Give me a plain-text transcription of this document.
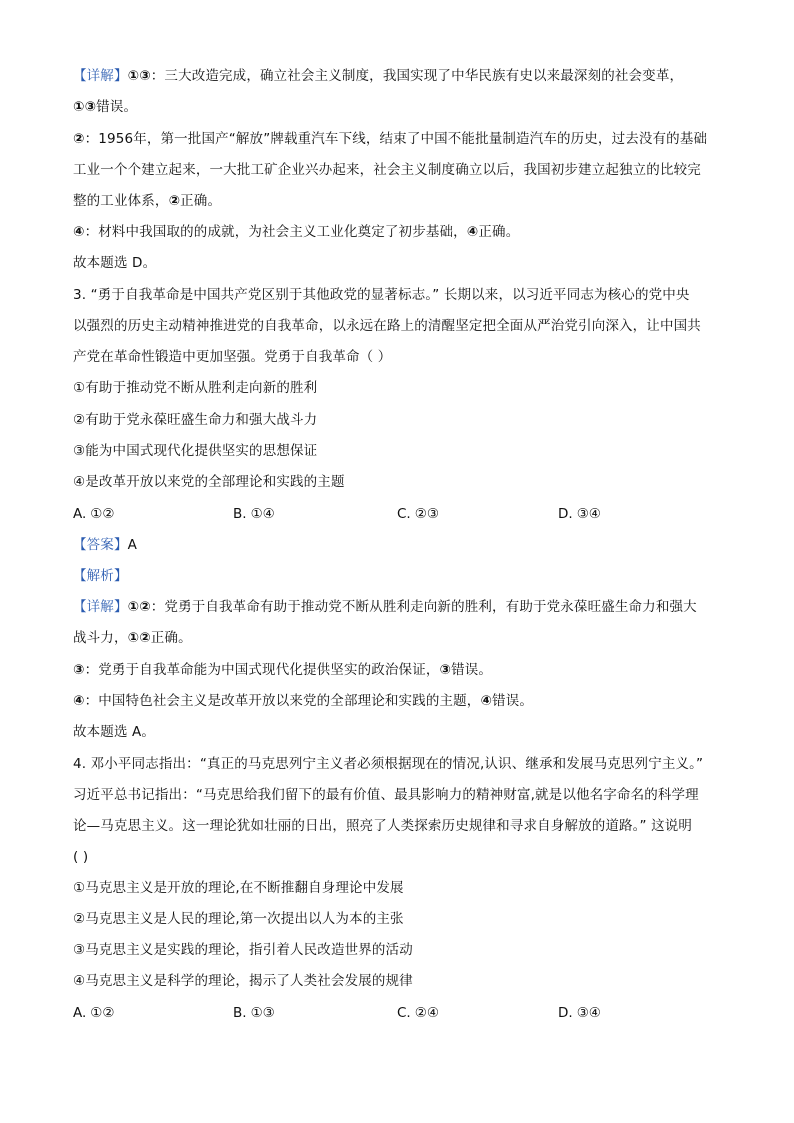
【详解】①③：三大改造完成，确立社会主义制度，我国实现了中华民族有史以来最深刻的社会变革，
①③错误。
②：1956年，第一批国产“解放”牌载重汽车下线，结束了中国不能批量制造汽车的历史，过去没有的基础
工业一个个建立起来，一大批工矿企业兴办起来，社会主义制度确立以后，我国初步建立起独立的比较完
整的工业体系，②正确。
④：材料中我国取的的成就，为社会主义工业化奠定了初步基础，④正确。
故本题选 D。
3. “勇于自我革命是中国共产党区别于其他政党的显著标志。” 长期以来，以习近平同志为核心的党中央
以强烈的历史主动精神推进党的自我革命，以永远在路上的清醒坚定把全面从严治党引向深入，让中国共
产党在革命性锻造中更加坚强。党勇于自我革命（ ）
①有助于推动党不断从胜利走向新的胜利
②有助于党永葆旺盛生命力和强大战斗力
③能为中国式现代化提供坚实的思想保证
④是改革开放以来党的全部理论和实践的主题
A. ①②	B. ①④	C. ②③	D. ③④
【答案】A
【解析】
【详解】①②：党勇于自我革命有助于推动党不断从胜利走向新的胜利，有助于党永葆旺盛生命力和强大
战斗力，①②正确。
③：党勇于自我革命能为中国式现代化提供坚实的政治保证，③错误。
④：中国特色社会主义是改革开放以来党的全部理论和实践的主题，④错误。
故本题选 A。
4. 邓小平同志指出：“真正的马克思列宁主义者必须根据现在的情况,认识、继承和发展马克思列宁主义。”
习近平总书记指出：“马克思给我们留下的最有价值、最具影响力的精神财富,就是以他名字命名的科学理
论—马克思主义。这一理论犹如壮丽的日出，照亮了人类探索历史规律和寻求自身解放的道路。” 这说明
( )
①马克思主义是开放的理论,在不断推翻自身理论中发展
②马克思主义是人民的理论,第一次提出以人为本的主张
③马克思主义是实践的理论，指引着人民改造世界的活动
④马克思主义是科学的理论，揭示了人类社会发展的规律
A. ①②	B. ①③	C. ②④	D. ③④
